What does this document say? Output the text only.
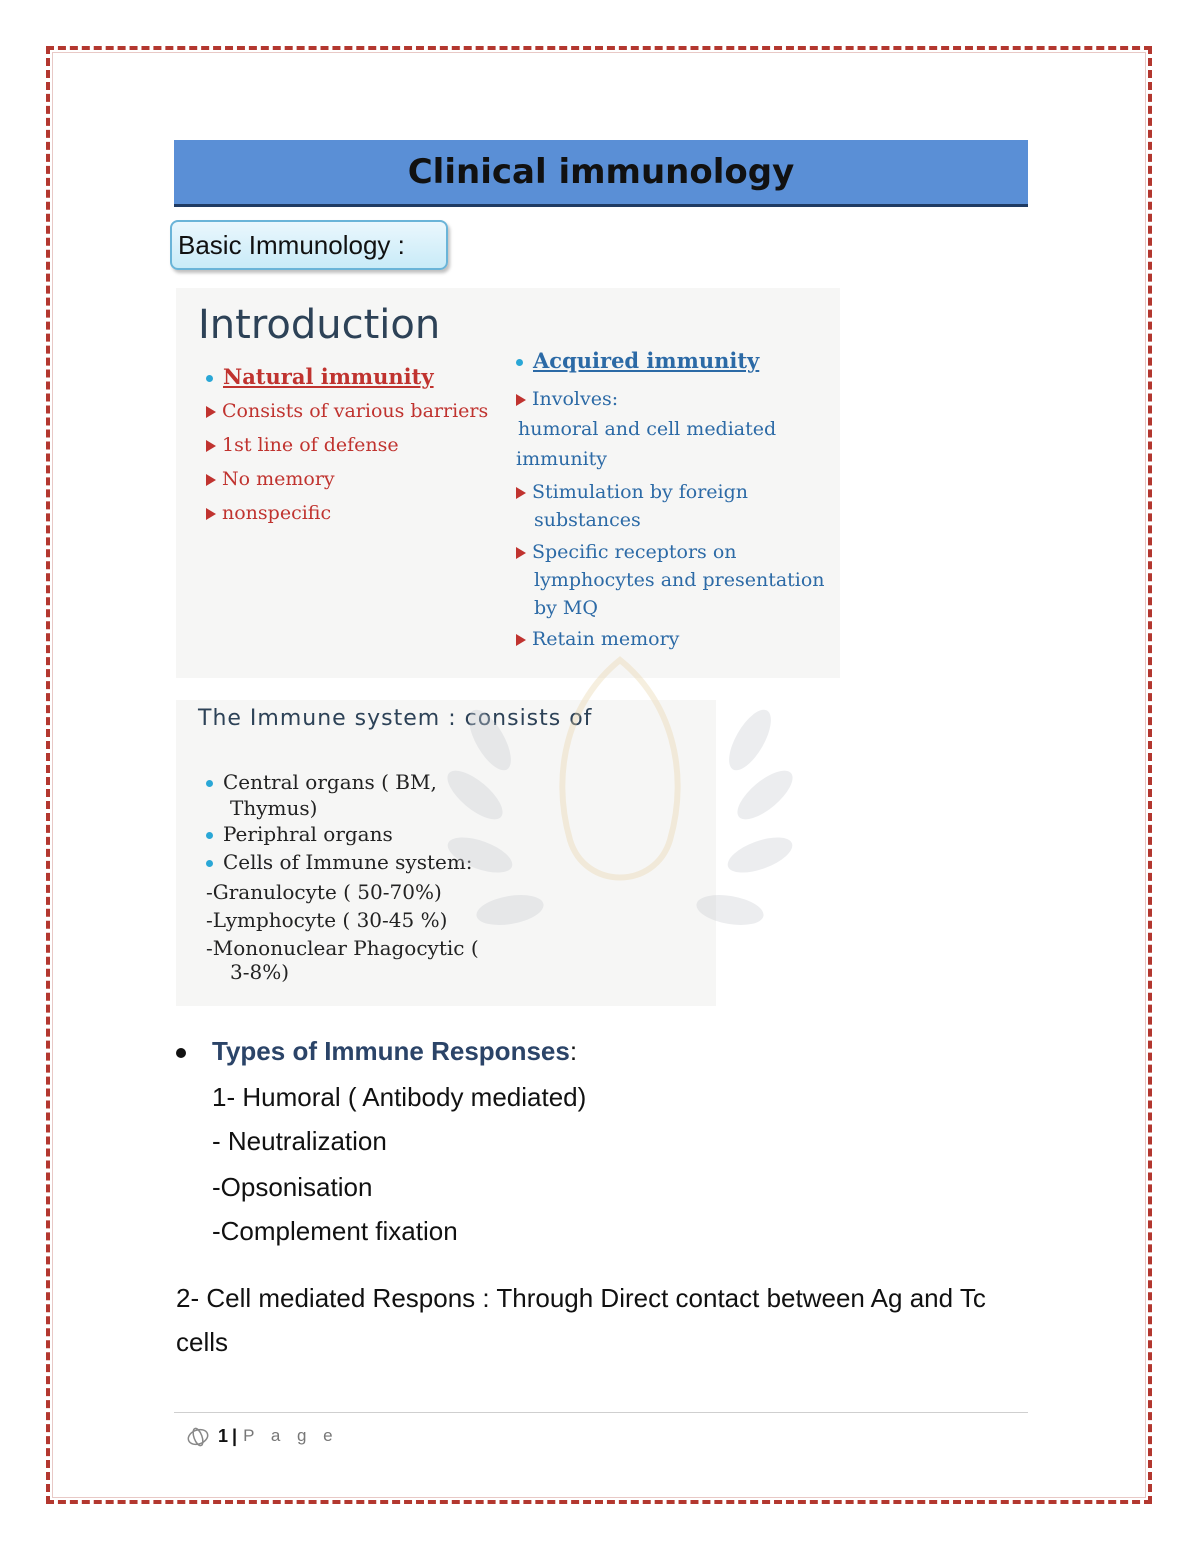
Clinical immunology
Basic Immunology :
Introduction
Natural immunity
Consists of various barriers
1st line of defense
No memory
nonspecific
Acquired immunity
Involves:
humoral and cell mediated
immunity
Stimulation by foreign
substances
Specific receptors on
lymphocytes and presentation
by MQ
Retain memory
The Immune system : consists of
Central organs ( BM,
Thymus)
Periphral organs
Cells of Immune system:
-Granulocyte ( 50-70%)
-Lymphocyte ( 30-45 %)
-Mononuclear Phagocytic (
3-8%)
Types of Immune Responses:
1- Humoral ( Antibody mediated)
- Neutralization
-Opsonisation
-Complement fixation
2- Cell mediated Respons : Through Direct contact between Ag and Tc cells
1 | P a g e
